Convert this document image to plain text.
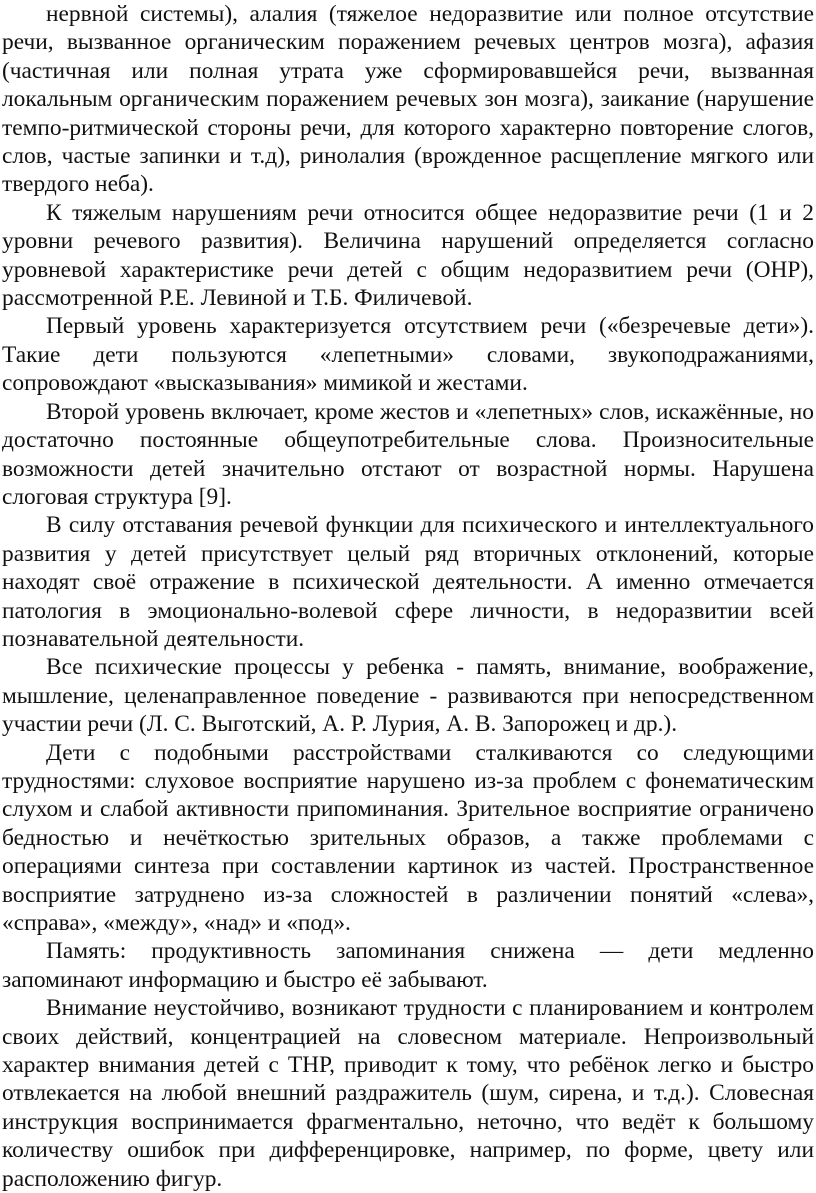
нервной системы), алалия (тяжелое недоразвитие или полное отсутствие речи, вызванное органическим поражением речевых центров мозга), афазия (частичная или полная утрата уже сформировавшейся речи, вызванная локальным органическим поражением речевых зон мозга), заикание (нарушение темпо-ритмической стороны речи, для которого характерно повторение слогов, слов, частые запинки и т.д), ринолалия (врожденное расщепление мягкого или твердого неба).

К тяжелым нарушениям речи относится общее недоразвитие речи (1 и 2 уровни речевого развития). Величина нарушений определяется согласно уровневой характеристике речи детей с общим недоразвитием речи (ОНР), рассмотренной Р.Е. Левиной и Т.Б. Филичевой.

Первый уровень характеризуется отсутствием речи («безречевые дети»). Такие дети пользуются «лепетными» словами, звукоподражаниями, сопровождают «высказывания» мимикой и жестами.

Второй уровень включает, кроме жестов и «лепетных» слов, искажённые, но достаточно постоянные общеупотребительные слова. Произносительные возможности детей значительно отстают от возрастной нормы. Нарушена слоговая структура [9].

В силу отставания речевой функции для психического и интеллектуального развития у детей присутствует целый ряд вторичных отклонений, которые находят своё отражение в психической деятельности. А именно отмечается патология в эмоционально-волевой сфере личности, в недоразвитии всей познавательной деятельности.

Все психические процессы у ребенка - память, внимание, воображение, мышление, целенаправленное поведение - развиваются при непосредственном участии речи (Л. С. Выготский, А. Р. Лурия, А. В. Запорожец и др.).

Дети с подобными расстройствами сталкиваются со следующими трудностями: слуховое восприятие нарушено из-за проблем с фонематическим слухом и слабой активности припоминания. Зрительное восприятие ограничено бедностью и нечёткостью зрительных образов, а также проблемами с операциями синтеза при составлении картинок из частей. Пространственное восприятие затруднено из-за сложностей в различении понятий «слева», «справа», «между», «над» и «под».

Память: продуктивность запоминания снижена — дети медленно запоминают информацию и быстро её забывают.

Внимание неустойчиво, возникают трудности с планированием и контролем своих действий, концентрацией на словесном материале. Непроизвольный характер внимания детей с ТНР, приводит к тому, что ребёнок легко и быстро отвлекается на любой внешний раздражитель (шум, сирена, и т.д.). Словесная инструкция воспринимается фрагментально, неточно, что ведёт к большому количеству ошибок при дифференцировке, например, по форме, цвету или расположению фигур.
